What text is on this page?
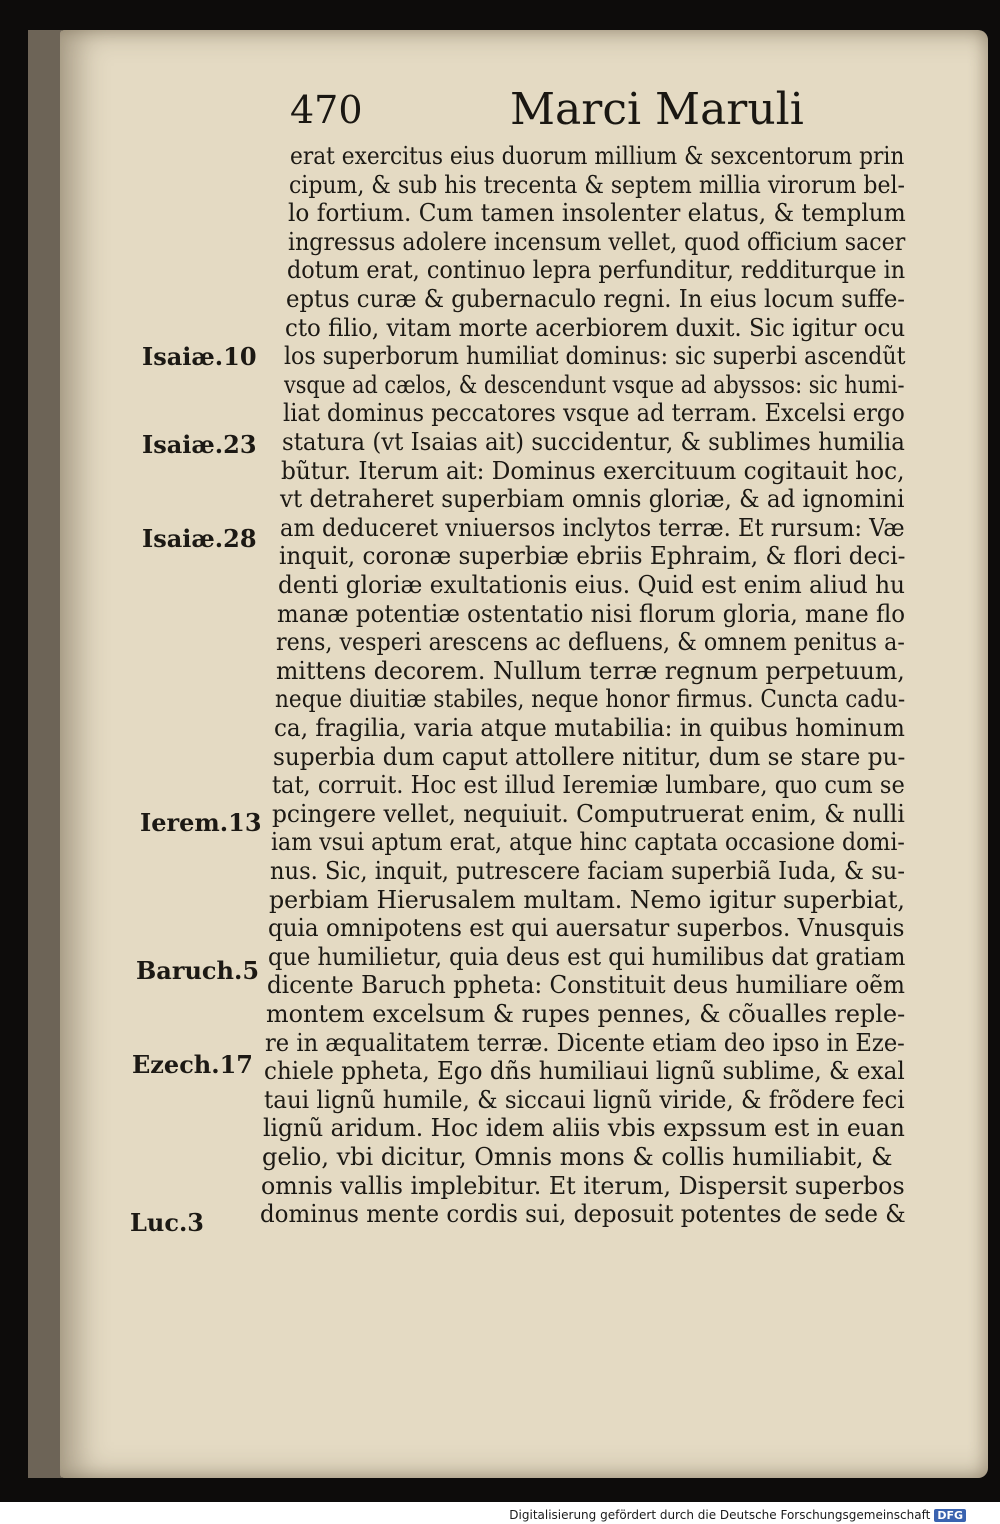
470	Marci Maruli
Isaiæ.10
Isaiæ.23
Isaiæ.28
Ierem.13
Baruch.5
Ezech.17
Luc.3
erat exercitus eius duorum millium & sexcentorum prin
cipum, & sub his trecenta & septem millia virorum bel-
lo fortium. Cum tamen insolenter elatus, & templum
ingressus adolere incensum vellet, quod officium sacer
dotum erat, continuo lepra perfunditur, redditurque in
eptus curæ & gubernaculo regni. In eius locum suffe-
cto filio, vitam morte acerbiorem duxit. Sic igitur ocu
los superborum humiliat dominus: sic superbi ascendũt
vsque ad cælos, & descendunt vsque ad abyssos: sic humi-
liat dominus peccatores vsque ad terram. Excelsi ergo
statura (vt Isaias ait) succidentur, & sublimes humilia
bũtur. Iterum ait: Dominus exercituum cogitauit hoc,
vt detraheret superbiam omnis gloriæ, & ad ignomini
am deduceret vniuersos inclytos terræ. Et rursum: Væ
inquit, coronæ superbiæ ebriis Ephraim, & flori deci-
denti gloriæ exultationis eius. Quid est enim aliud hu
manæ potentiæ ostentatio nisi florum gloria, mane flo
rens, vesperi arescens ac defluens, & omnem penitus a-
mittens decorem. Nullum terræ regnum perpetuum,
neque diuitiæ stabiles, neque honor firmus. Cuncta cadu-
ca, fragilia, varia atque mutabilia: in quibus hominum
superbia dum caput attollere nititur, dum se stare pu-
tat, corruit. Hoc est illud Ieremiæ lumbare, quo cum se
pcingere vellet, nequiuit. Computruerat enim, & nulli
iam vsui aptum erat, atque hinc captata occasione domi-
nus. Sic, inquit, putrescere faciam superbiã Iuda, & su-
perbiam Hierusalem multam. Nemo igitur superbiat,
quia omnipotens est qui auersatur superbos. Vnusquis
que humilietur, quia deus est qui humilibus dat gratiam
dicente Baruch ppheta: Constituit deus humiliare oẽm
montem excelsum & rupes pennes, & cõualles reple-
re in æqualitatem terræ. Dicente etiam deo ipso in Eze-
chiele ppheta, Ego dñs humiliaui lignũ sublime, & exal
taui lignũ humile, & siccaui lignũ viride, & frõdere feci
lignũ aridum. Hoc idem aliis vbis expssum est in euan
gelio, vbi dicitur, Omnis mons & collis humiliabit, &
omnis vallis implebitur. Et iterum, Dispersit superbos
dominus mente cordis sui, deposuit potentes de sede &
Digitalisierung gefördert durch die Deutsche Forschungsgemeinschaft DFG
